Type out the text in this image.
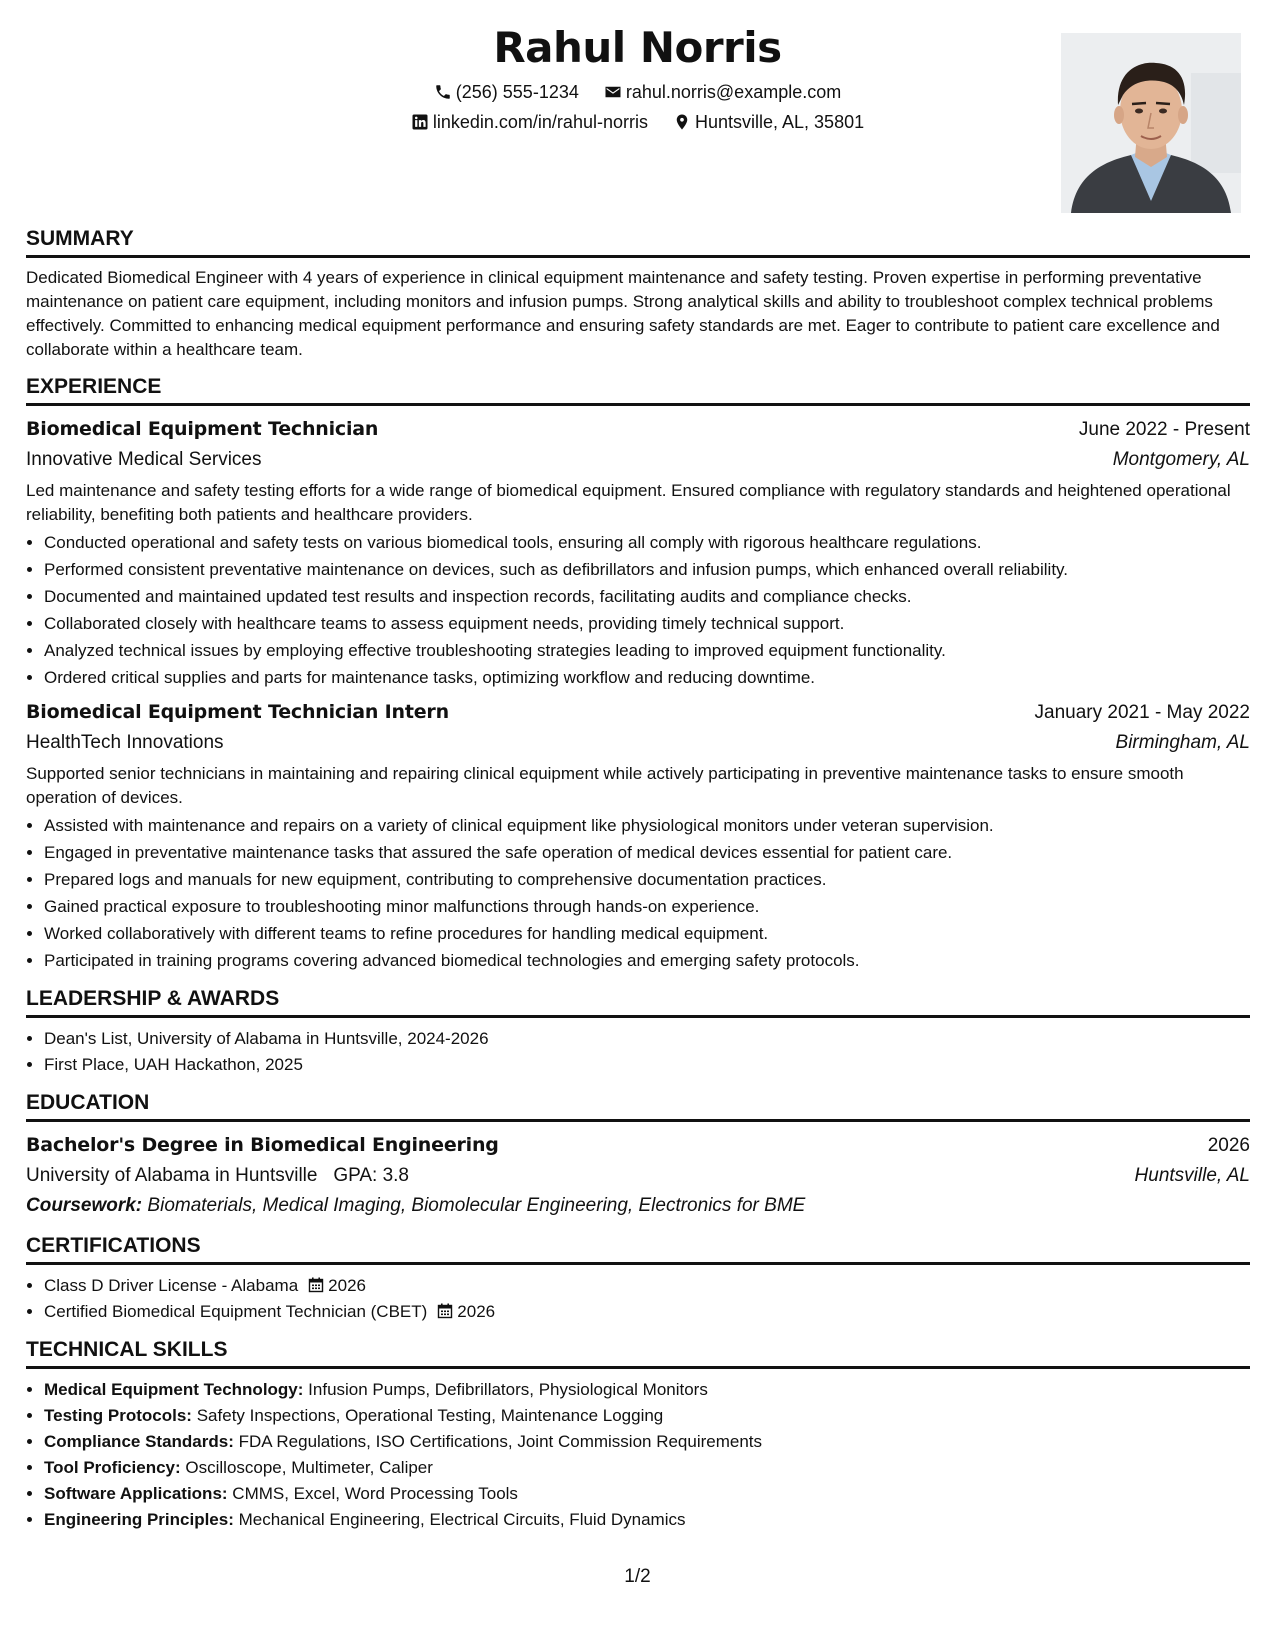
Rahul Norris
(256) 555-1234	rahul.norris@example.com
linkedin.com/in/rahul-norris	Huntsville, AL, 35801
SUMMARY
Dedicated Biomedical Engineer with 4 years of experience in clinical equipment maintenance and safety testing. Proven expertise in performing preventative maintenance on patient care equipment, including monitors and infusion pumps. Strong analytical skills and ability to troubleshoot complex technical problems effectively. Committed to enhancing medical equipment performance and ensuring safety standards are met. Eager to contribute to patient care excellence and collaborate within a healthcare team.
EXPERIENCE
Biomedical Equipment Technician	June 2022 - Present
Innovative Medical Services	Montgomery, AL
Led maintenance and safety testing efforts for a wide range of biomedical equipment. Ensured compliance with regulatory standards and heightened operational reliability, benefiting both patients and healthcare providers.
• Conducted operational and safety tests on various biomedical tools, ensuring all comply with rigorous healthcare regulations.
• Performed consistent preventative maintenance on devices, such as defibrillators and infusion pumps, which enhanced overall reliability.
• Documented and maintained updated test results and inspection records, facilitating audits and compliance checks.
• Collaborated closely with healthcare teams to assess equipment needs, providing timely technical support.
• Analyzed technical issues by employing effective troubleshooting strategies leading to improved equipment functionality.
• Ordered critical supplies and parts for maintenance tasks, optimizing workflow and reducing downtime.
Biomedical Equipment Technician Intern	January 2021 - May 2022
HealthTech Innovations	Birmingham, AL
Supported senior technicians in maintaining and repairing clinical equipment while actively participating in preventive maintenance tasks to ensure smooth operation of devices.
• Assisted with maintenance and repairs on a variety of clinical equipment like physiological monitors under veteran supervision.
• Engaged in preventative maintenance tasks that assured the safe operation of medical devices essential for patient care.
• Prepared logs and manuals for new equipment, contributing to comprehensive documentation practices.
• Gained practical exposure to troubleshooting minor malfunctions through hands-on experience.
• Worked collaboratively with different teams to refine procedures for handling medical equipment.
• Participated in training programs covering advanced biomedical technologies and emerging safety protocols.
LEADERSHIP & AWARDS
• Dean's List, University of Alabama in Huntsville, 2024-2026
• First Place, UAH Hackathon, 2025
EDUCATION
Bachelor's Degree in Biomedical Engineering	2026
University of Alabama in Huntsville GPA: 3.8	Huntsville, AL
Coursework: Biomaterials, Medical Imaging, Biomolecular Engineering, Electronics for BME
CERTIFICATIONS
• Class D Driver License - Alabama 2026
• Certified Biomedical Equipment Technician (CBET) 2026
TECHNICAL SKILLS
• Medical Equipment Technology: Infusion Pumps, Defibrillators, Physiological Monitors
• Testing Protocols: Safety Inspections, Operational Testing, Maintenance Logging
• Compliance Standards: FDA Regulations, ISO Certifications, Joint Commission Requirements
• Tool Proficiency: Oscilloscope, Multimeter, Caliper
• Software Applications: CMMS, Excel, Word Processing Tools
• Engineering Principles: Mechanical Engineering, Electrical Circuits, Fluid Dynamics
1/2
